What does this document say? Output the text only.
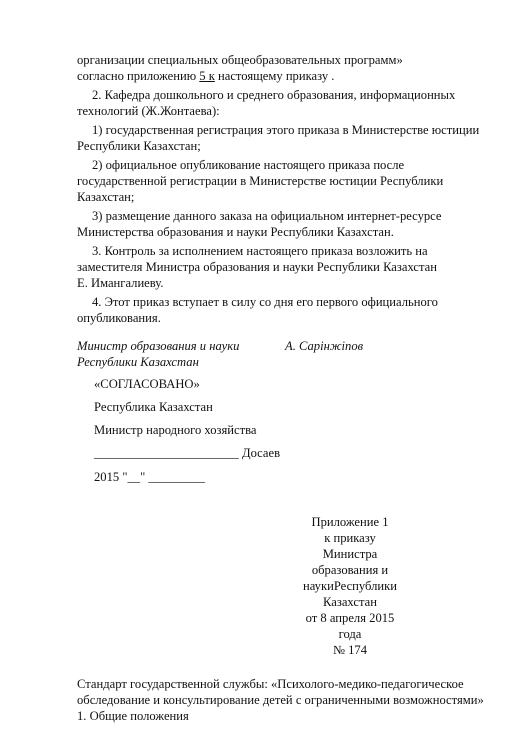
организации специальных общеобразовательных программ»
согласно приложению 5 к настоящему приказу .
2. Кафедра дошкольного и среднего образования, информационных
технологий (Ж.Жонтаева):
1) государственная регистрация этого приказа в Министерстве юстиции
Республики Казахстан;
2) официальное опубликование настоящего приказа после
государственной регистрации в Министерстве юстиции Республики
Казахстан;
3) размещение данного заказа на официальном интернет-ресурсе
Министерства образования и науки Республики Казахстан.
3. Контроль за исполнением настоящего приказа возложить на
заместителя Министра образования и науки Республики Казахстан
Е. Имангалиеву.
4. Этот приказ вступает в силу со дня его первого официального
опубликования.
Министр образования и науки
Республики Казахстан
А. Сарінжіпов
«СОГЛАСОВАНО»
Республика Казахстан
Министр народного хозяйства
_______________________ Досаев
2015 "__" _________
Приложение 1
к приказу
Министра
образования и
наукиРеспублики
Казахстан
от 8 апреля 2015
года
№ 174
Стандарт государственной службы: «Психолого-медико-педагогическое
обследование и консультирование детей с ограниченными возможностями»
1. Общие положения
